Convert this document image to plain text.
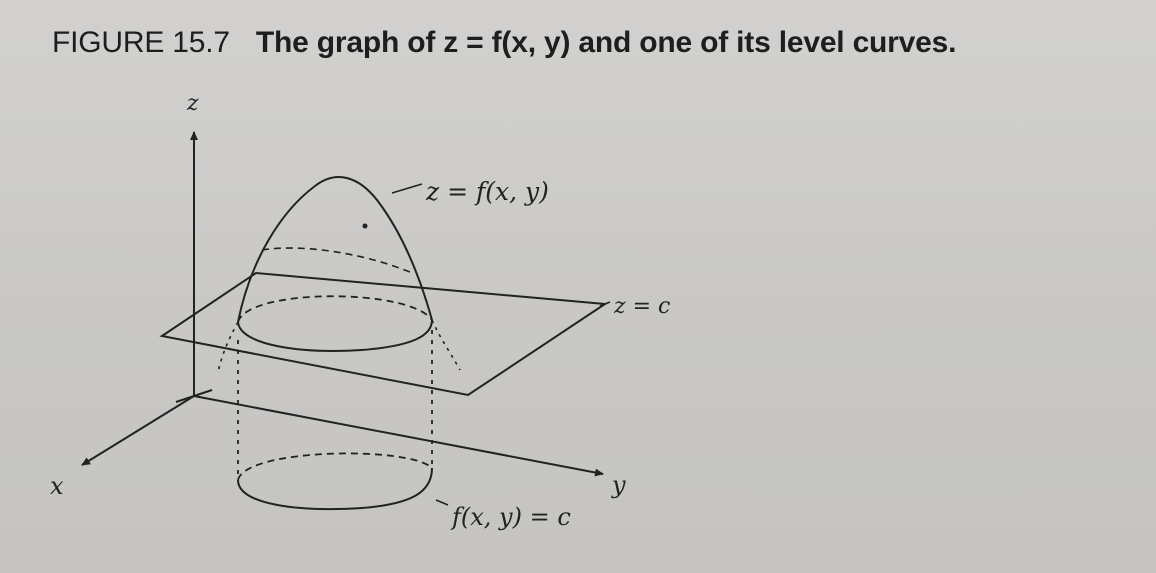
FIGURE 15.7 The graph of z = f(x, y) and one of its level curves.

z
x	y
z = f(x, y)
z = c
f(x, y) = c
